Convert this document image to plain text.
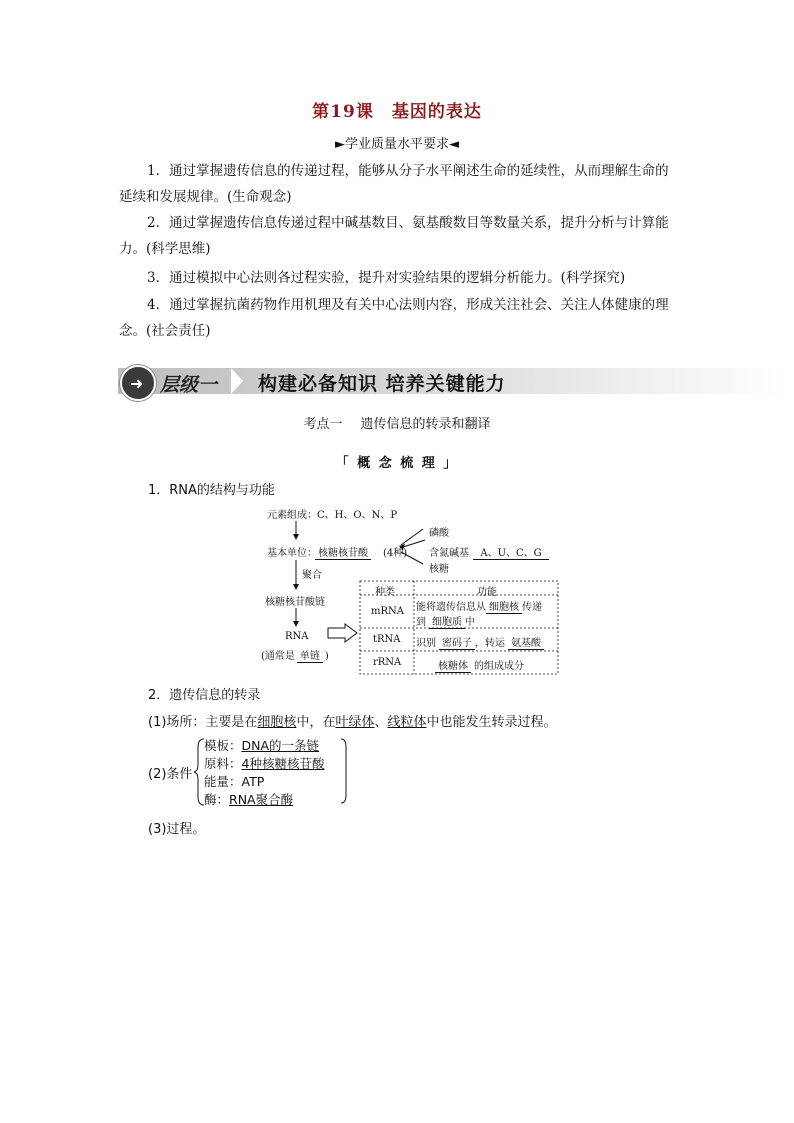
第19课　基因的表达
►学业质量水平要求◄
1．通过掌握遗传信息的传递过程，能够从分子水平阐述生命的延续性，从而理解生命的延续和发展规律。(生命观念)
2．通过掌握遗传信息传递过程中碱基数目、氨基酸数目等数量关系，提升分析与计算能力。(科学思维)
3．通过模拟中心法则各过程实验，提升对实验结果的逻辑分析能力。(科学探究)
4．通过掌握抗菌药物作用机理及有关中心法则内容，形成关注社会、关注人体健康的理念。(社会责任)
➜ 层级一 构建必备知识 培养关键能力
考点一 遗传信息的转录和翻译
「 概 念 梳 理 」
1．RNA的结构与功能
元素组成：C、H、O、N、P
基本单位： 核糖核苷酸	(4种)
磷酸
含氮碱基	A、U、C、G
核糖
聚合
核糖核苷酸链
RNA
(通常是 单链 )
种类	功能
mRNA 能将遗传信息从 细胞核 传递
到 细胞质 中
tRNA 识别 密码子 ，转运 氨基酸
rRNA	核糖体 的组成成分
2．遗传信息的转录
(1)场所：主要是在细胞核中，在叶绿体、线粒体中也能发生转录过程。
(2)条件
模板：DNA的一条链
原料：4种核糖核苷酸
能量：ATP
酶：RNA聚合酶
(3)过程。
